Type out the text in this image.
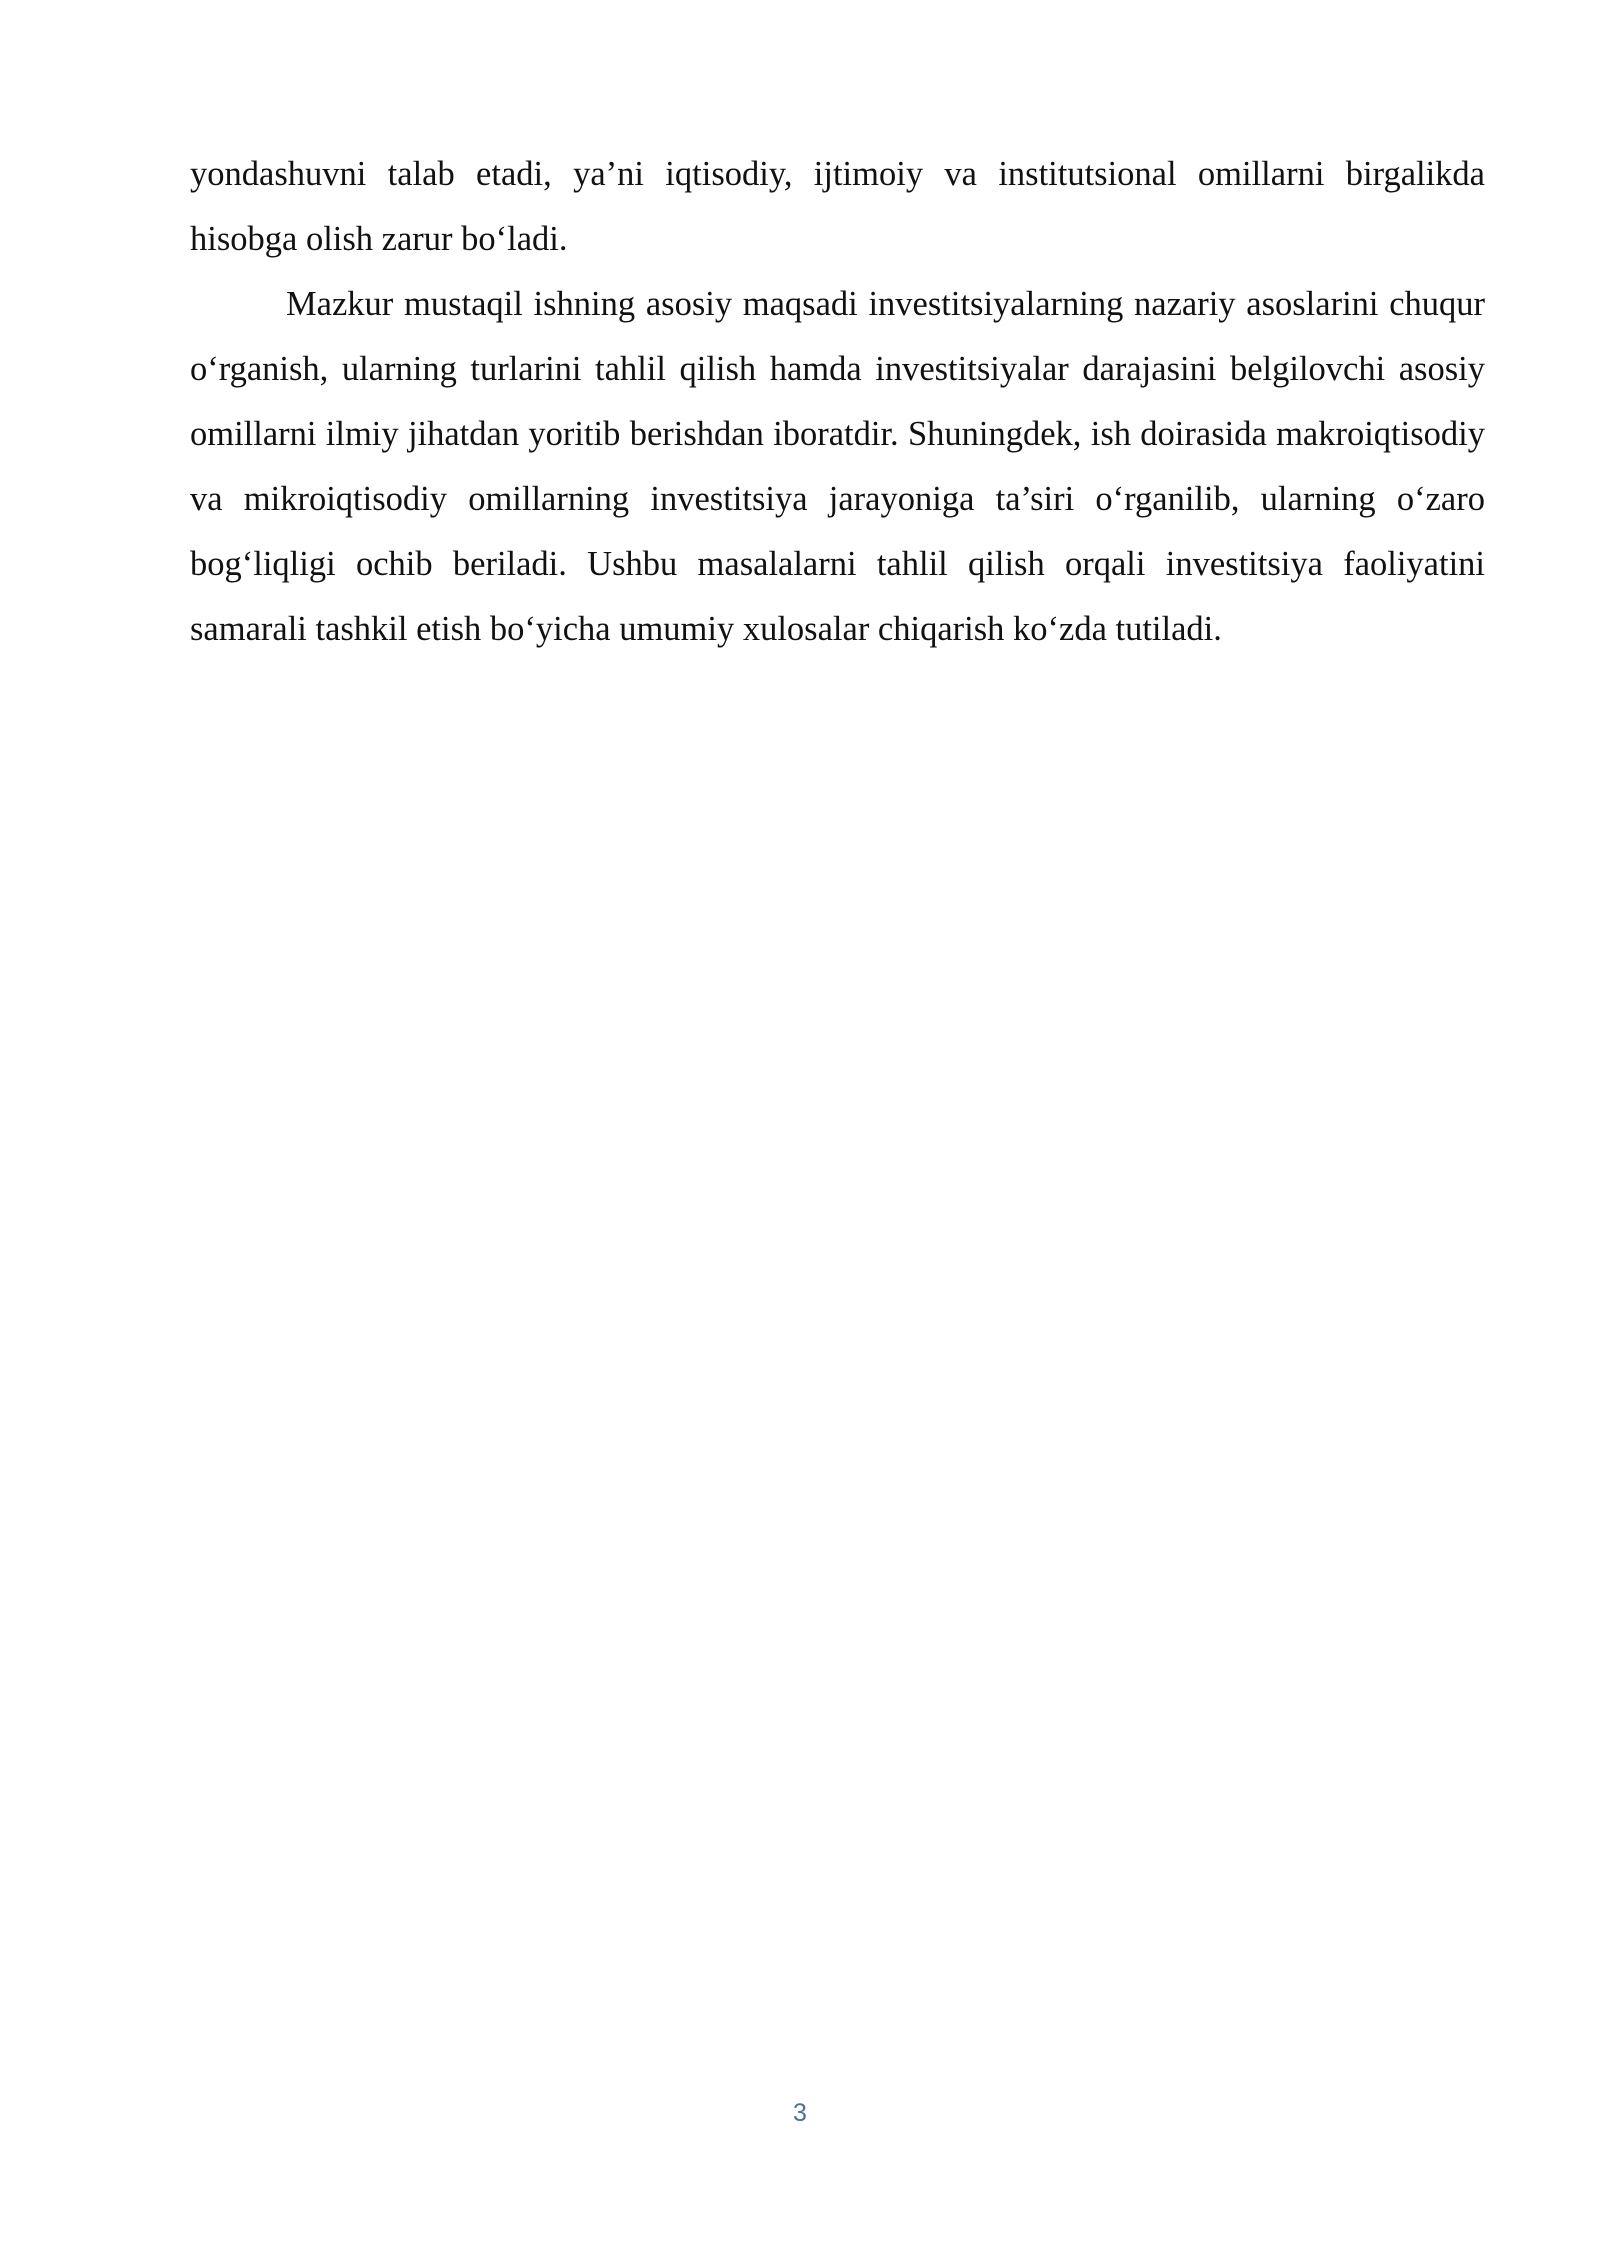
yondashuvni talab etadi, ya’ni iqtisodiy, ijtimoiy va institutsional omillarni birgalikda hisobga olish zarur bo‘ladi.

Mazkur mustaqil ishning asosiy maqsadi investitsiyalarning nazariy asoslarini chuqur o‘rganish, ularning turlarini tahlil qilish hamda investitsiyalar darajasini belgilovchi asosiy omillarni ilmiy jihatdan yoritib berishdan iboratdir. Shuningdek, ish doirasida makroiqtisodiy va mikroiqtisodiy omillarning investitsiya jarayoniga ta’siri o‘rganilib, ularning o‘zaro bog‘liqligi ochib beriladi. Ushbu masalalarni tahlil qilish orqali investitsiya faoliyatini samarali tashkil etish bo‘yicha umumiy xulosalar chiqarish ko‘zda tutiladi.

3
